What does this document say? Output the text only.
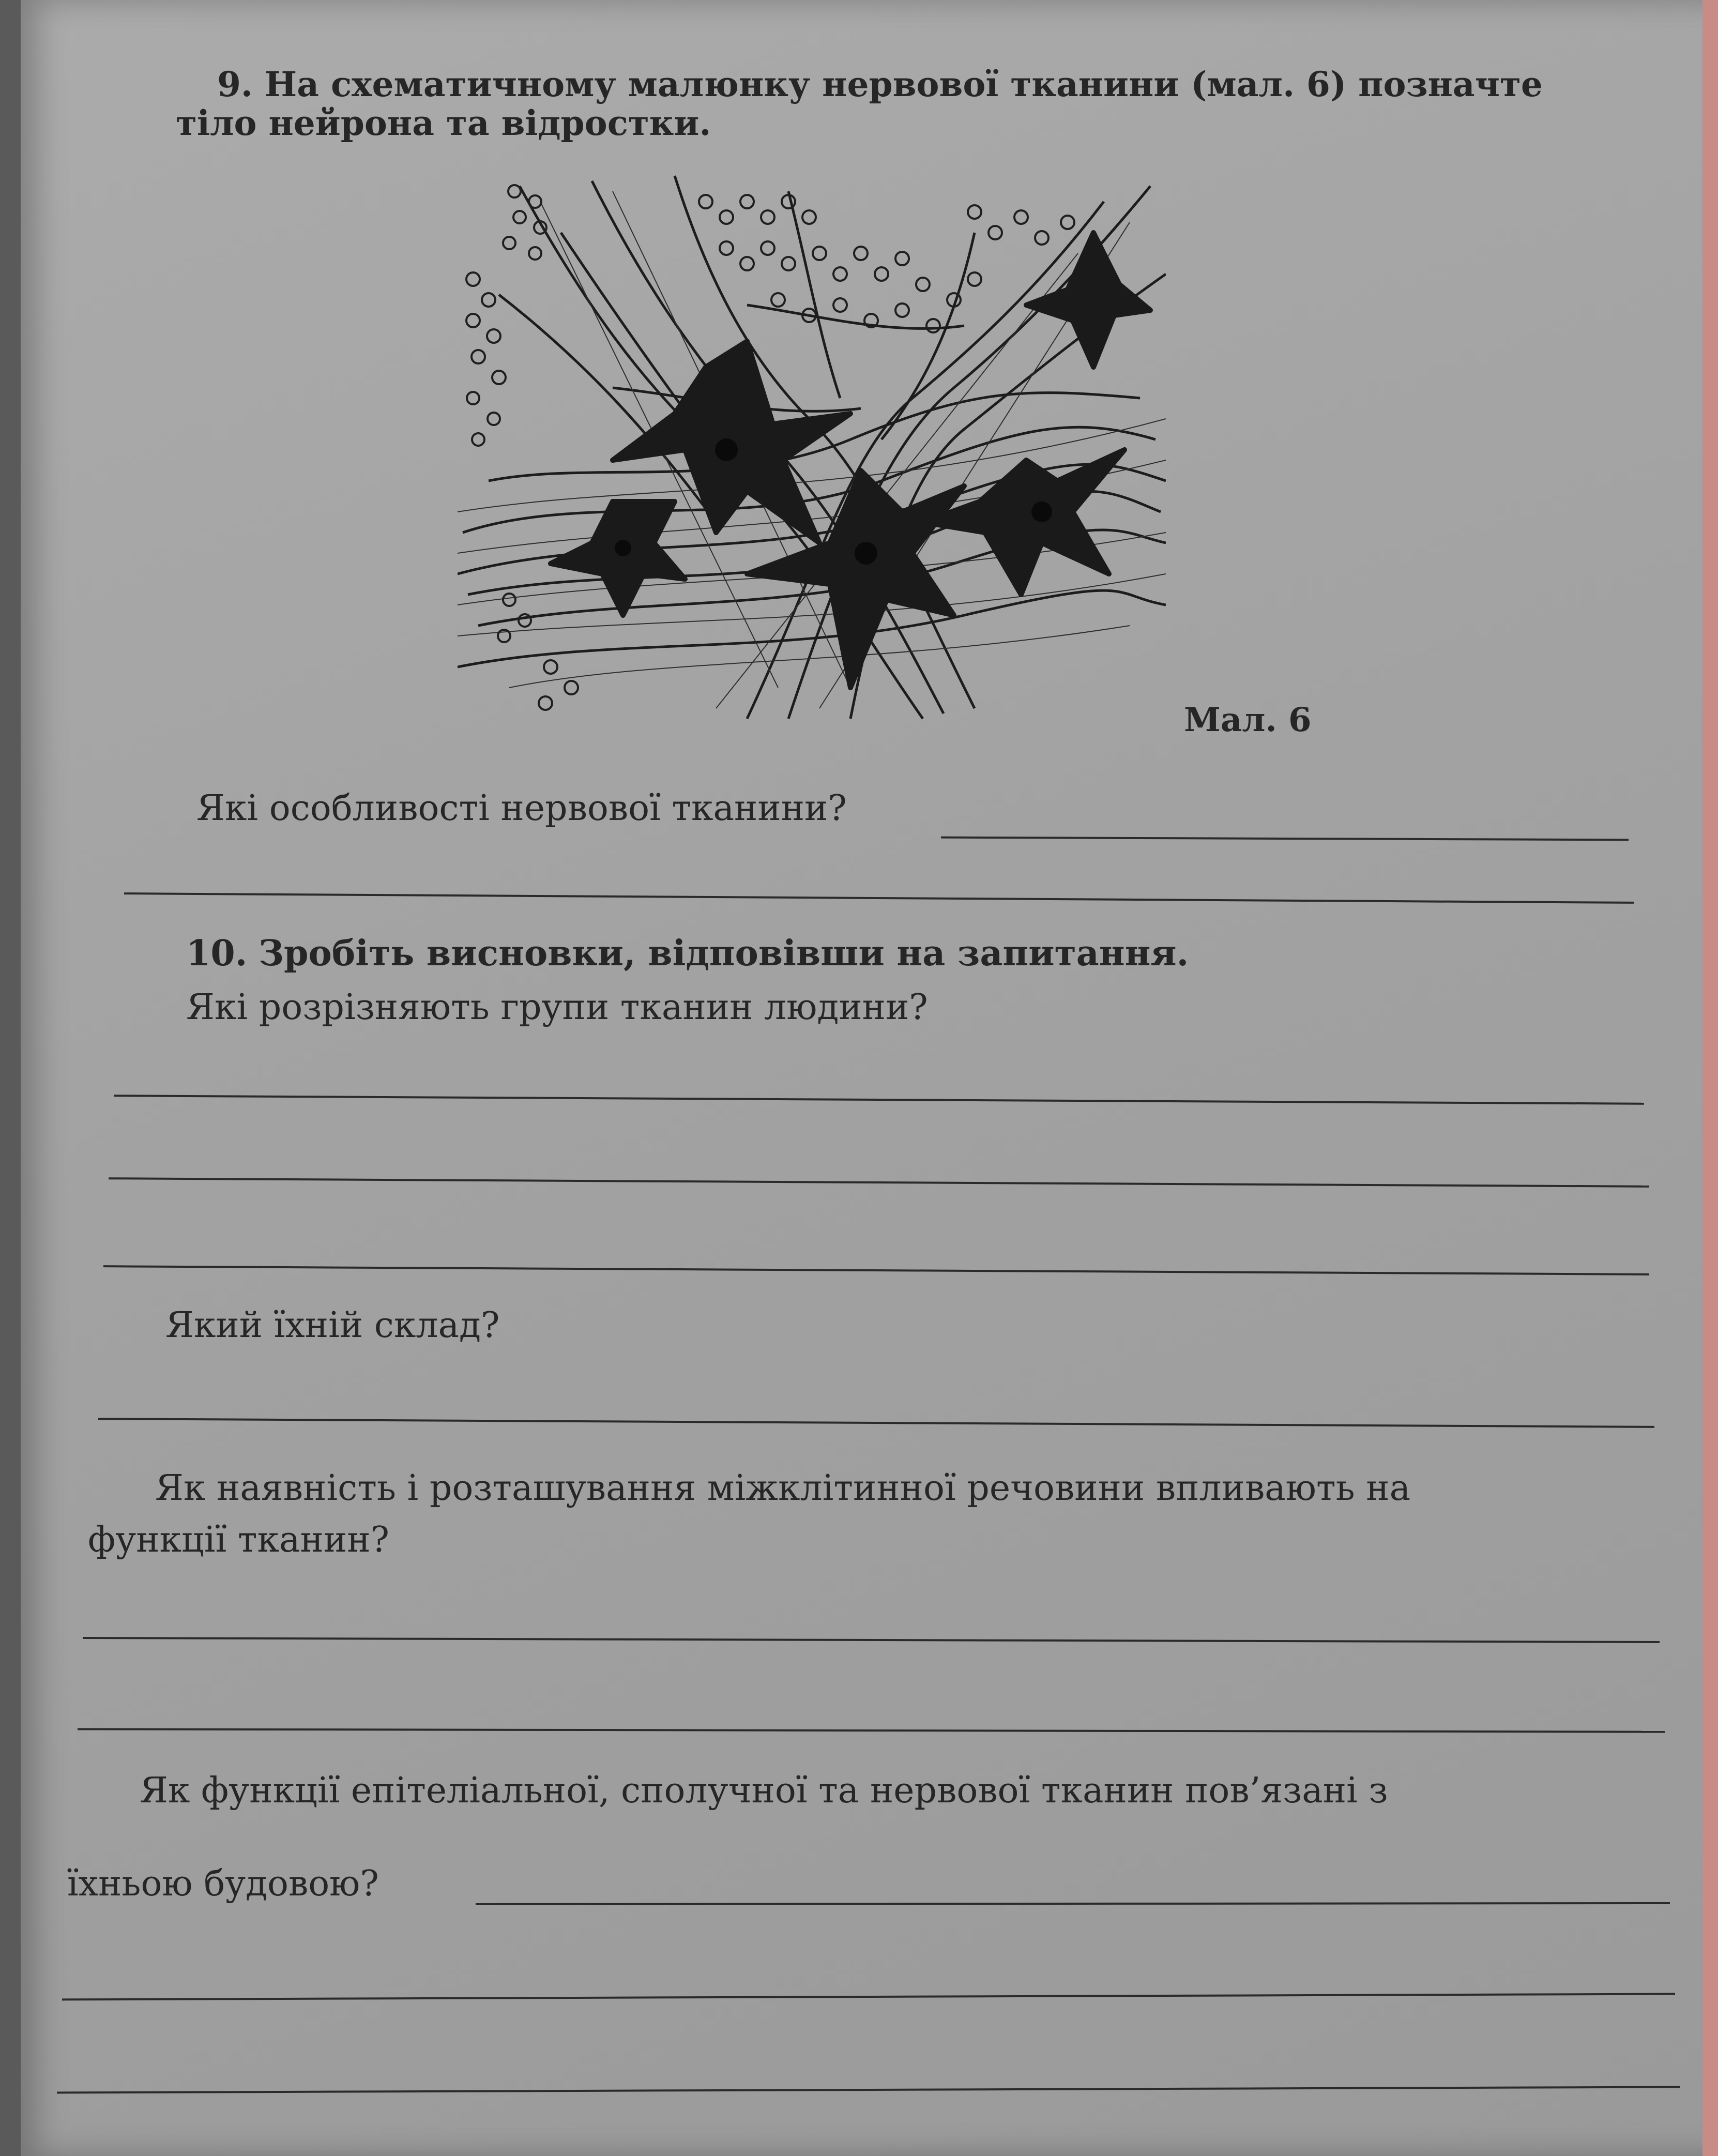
9. На схематичному малюнку нервової тканини (мал. 6) позначте
тіло нейрона та відростки.
Мал. 6
Які особливості нервової тканини?
10. Зробіть висновки, відповівши на запитання.
Які розрізняють групи тканин людини?
Який їхній склад?
Як наявність і розташування міжклітинної речовини впливають на
функції тканин?
Як функції епітеліальної, сполучної та нервової тканин пов’язані з
їхньою будовою?
